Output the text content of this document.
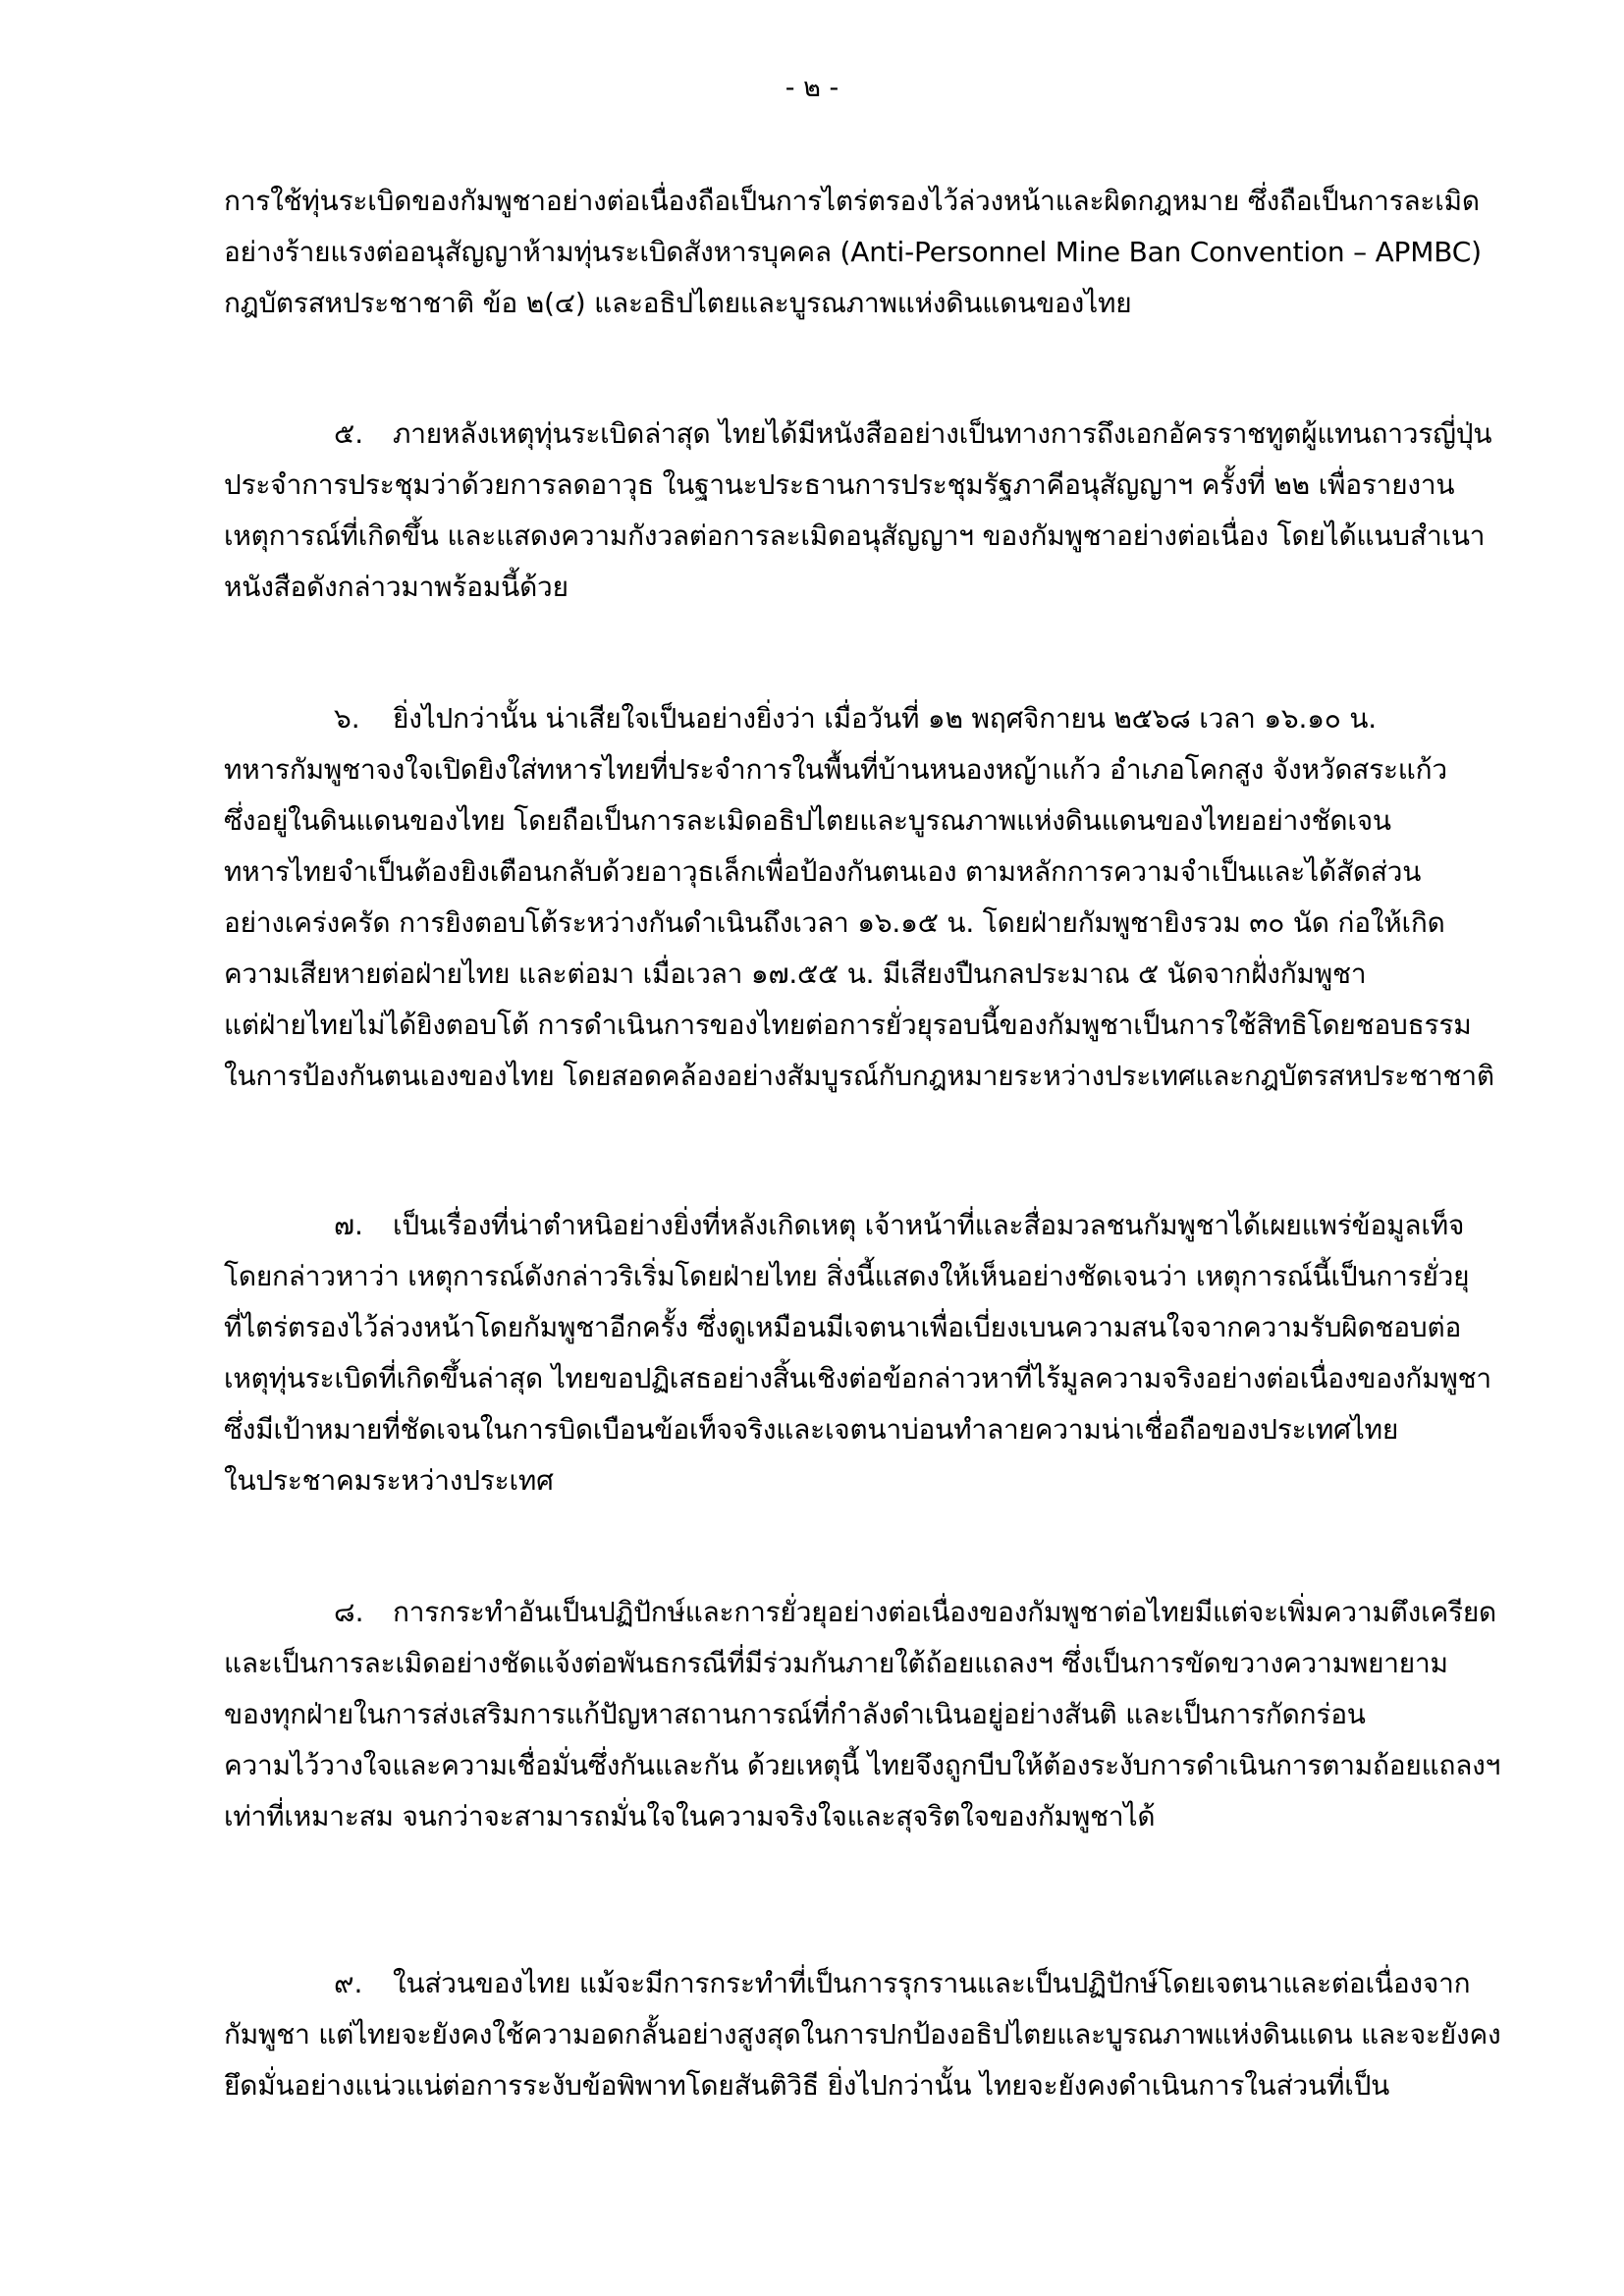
- ๒ -
การใช้ทุ่นระเบิดของกัมพูชาอย่างต่อเนื่องถือเป็นการไตร่ตรองไว้ล่วงหน้าและผิดกฎหมาย ซึ่งถือเป็นการละเมิด
อย่างร้ายแรงต่ออนุสัญญาห้ามทุ่นระเบิดสังหารบุคคล (Anti-Personnel Mine Ban Convention – APMBC)
กฎบัตรสหประชาชาติ ข้อ ๒(๔) และอธิปไตยและบูรณภาพแห่งดินแดนของไทย
๕. ภายหลังเหตุทุ่นระเบิดล่าสุด ไทยได้มีหนังสืออย่างเป็นทางการถึงเอกอัครราชทูตผู้แทนถาวรญี่ปุ่น
ประจำการประชุมว่าด้วยการลดอาวุธ ในฐานะประธานการประชุมรัฐภาคีอนุสัญญาฯ ครั้งที่ ๒๒ เพื่อรายงาน
เหตุการณ์ที่เกิดขึ้น และแสดงความกังวลต่อการละเมิดอนุสัญญาฯ ของกัมพูชาอย่างต่อเนื่อง โดยได้แนบสำเนา
หนังสือดังกล่าวมาพร้อมนี้ด้วย
๖. ยิ่งไปกว่านั้น น่าเสียใจเป็นอย่างยิ่งว่า เมื่อวันที่ ๑๒ พฤศจิกายน ๒๕๖๘ เวลา ๑๖.๑๐ น.
ทหารกัมพูชาจงใจเปิดยิงใส่ทหารไทยที่ประจำการในพื้นที่บ้านหนองหญ้าแก้ว อำเภอโคกสูง จังหวัดสระแก้ว
ซึ่งอยู่ในดินแดนของไทย โดยถือเป็นการละเมิดอธิปไตยและบูรณภาพแห่งดินแดนของไทยอย่างชัดเจน
ทหารไทยจำเป็นต้องยิงเตือนกลับด้วยอาวุธเล็กเพื่อป้องกันตนเอง ตามหลักการความจำเป็นและได้สัดส่วน
อย่างเคร่งครัด การยิงตอบโต้ระหว่างกันดำเนินถึงเวลา ๑๖.๑๕ น. โดยฝ่ายกัมพูชายิงรวม ๓๐ นัด ก่อให้เกิด
ความเสียหายต่อฝ่ายไทย และต่อมา เมื่อเวลา ๑๗.๕๕ น. มีเสียงปืนกลประมาณ ๕ นัดจากฝั่งกัมพูชา
แต่ฝ่ายไทยไม่ได้ยิงตอบโต้ การดำเนินการของไทยต่อการยั่วยุรอบนี้ของกัมพูชาเป็นการใช้สิทธิโดยชอบธรรม
ในการป้องกันตนเองของไทย โดยสอดคล้องอย่างสัมบูรณ์กับกฎหมายระหว่างประเทศและกฎบัตรสหประชาชาติ
๗. เป็นเรื่องที่น่าตำหนิอย่างยิ่งที่หลังเกิดเหตุ เจ้าหน้าที่และสื่อมวลชนกัมพูชาได้เผยแพร่ข้อมูลเท็จ
โดยกล่าวหาว่า เหตุการณ์ดังกล่าวริเริ่มโดยฝ่ายไทย สิ่งนี้แสดงให้เห็นอย่างชัดเจนว่า เหตุการณ์นี้เป็นการยั่วยุ
ที่ไตร่ตรองไว้ล่วงหน้าโดยกัมพูชาอีกครั้ง ซึ่งดูเหมือนมีเจตนาเพื่อเบี่ยงเบนความสนใจจากความรับผิดชอบต่อ
เหตุทุ่นระเบิดที่เกิดขึ้นล่าสุด ไทยขอปฏิเสธอย่างสิ้นเชิงต่อข้อกล่าวหาที่ไร้มูลความจริงอย่างต่อเนื่องของกัมพูชา
ซึ่งมีเป้าหมายที่ชัดเจนในการบิดเบือนข้อเท็จจริงและเจตนาบ่อนทำลายความน่าเชื่อถือของประเทศไทย
ในประชาคมระหว่างประเทศ
๘. การกระทำอันเป็นปฏิปักษ์และการยั่วยุอย่างต่อเนื่องของกัมพูชาต่อไทยมีแต่จะเพิ่มความตึงเครียด
และเป็นการละเมิดอย่างชัดแจ้งต่อพันธกรณีที่มีร่วมกันภายใต้ถ้อยแถลงฯ ซึ่งเป็นการขัดขวางความพยายาม
ของทุกฝ่ายในการส่งเสริมการแก้ปัญหาสถานการณ์ที่กำลังดำเนินอยู่อย่างสันติ และเป็นการกัดกร่อน
ความไว้วางใจและความเชื่อมั่นซึ่งกันและกัน ด้วยเหตุนี้ ไทยจึงถูกบีบให้ต้องระงับการดำเนินการตามถ้อยแถลงฯ
เท่าที่เหมาะสม จนกว่าจะสามารถมั่นใจในความจริงใจและสุจริตใจของกัมพูชาได้
๙. ในส่วนของไทย แม้จะมีการกระทำที่เป็นการรุกรานและเป็นปฏิปักษ์โดยเจตนาและต่อเนื่องจาก
กัมพูชา แต่ไทยจะยังคงใช้ความอดกลั้นอย่างสูงสุดในการปกป้องอธิปไตยและบูรณภาพแห่งดินแดน และจะยังคง
ยึดมั่นอย่างแน่วแน่ต่อการระงับข้อพิพาทโดยสันติวิธี ยิ่งไปกว่านั้น ไทยจะยังคงดำเนินการในส่วนที่เป็น
